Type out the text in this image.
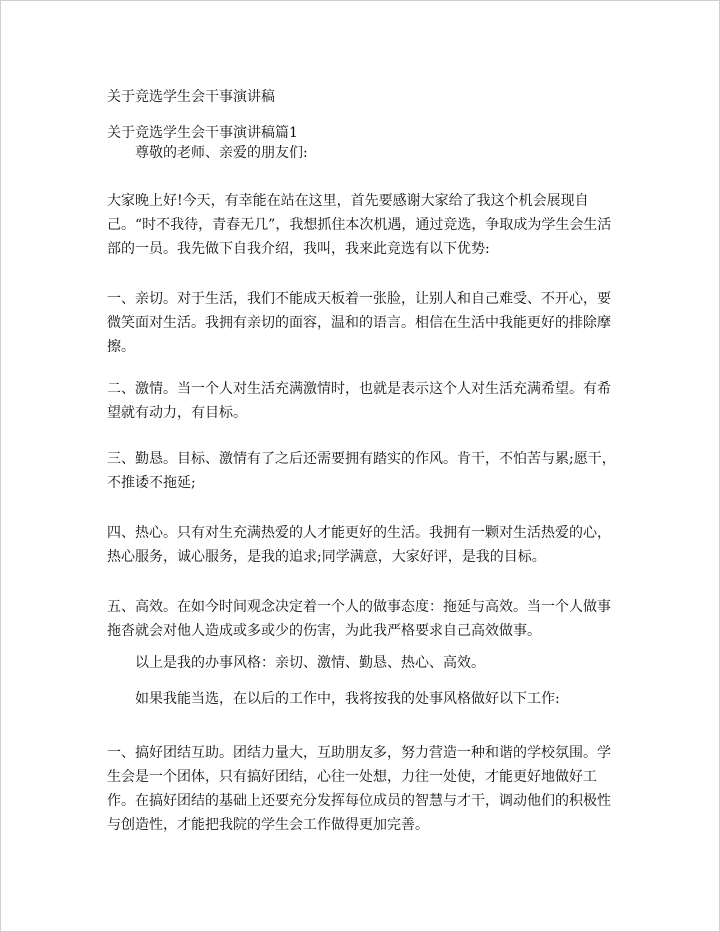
关于竞选学生会干事演讲稿

关于竞选学生会干事演讲稿篇1

尊敬的老师、亲爱的朋友们:

大家晚上好!今天，有幸能在站在这里，首先要感谢大家给了我这个机会展现自己。“时不我待，青春无几”，我想抓住本次机遇，通过竞选，争取成为学生会生活部的一员。我先做下自我介绍，我叫，我来此竞选有以下优势:

一、亲切。对于生活，我们不能成天板着一张脸，让别人和自己难受、不开心，要微笑面对生活。我拥有亲切的面容，温和的语言。相信在生活中我能更好的排除摩擦。

二、激情。当一个人对生活充满激情时，也就是表示这个人对生活充满希望。有希望就有动力，有目标。

三、勤恳。目标、激情有了之后还需要拥有踏实的作风。肯干，不怕苦与累;愿干，不推诿不拖延;

四、热心。只有对生充满热爱的人才能更好的生活。我拥有一颗对生活热爱的心，热心服务，诚心服务，是我的追求;同学满意，大家好评，是我的目标。

五、高效。在如今时间观念决定着一个人的做事态度：拖延与高效。当一个人做事拖沓就会对他人造成或多或少的伤害，为此我严格要求自己高效做事。

以上是我的办事风格：亲切、激情、勤恳、热心、高效。

如果我能当选，在以后的工作中，我将按我的处事风格做好以下工作:

一、搞好团结互助。团结力量大，互助朋友多，努力营造一种和谐的学校氛围。学生会是一个团体，只有搞好团结，心往一处想，力往一处使，才能更好地做好工作。在搞好团结的基础上还要充分发挥每位成员的智慧与才干，调动他们的积极性与创造性，才能把我院的学生会工作做得更加完善。
